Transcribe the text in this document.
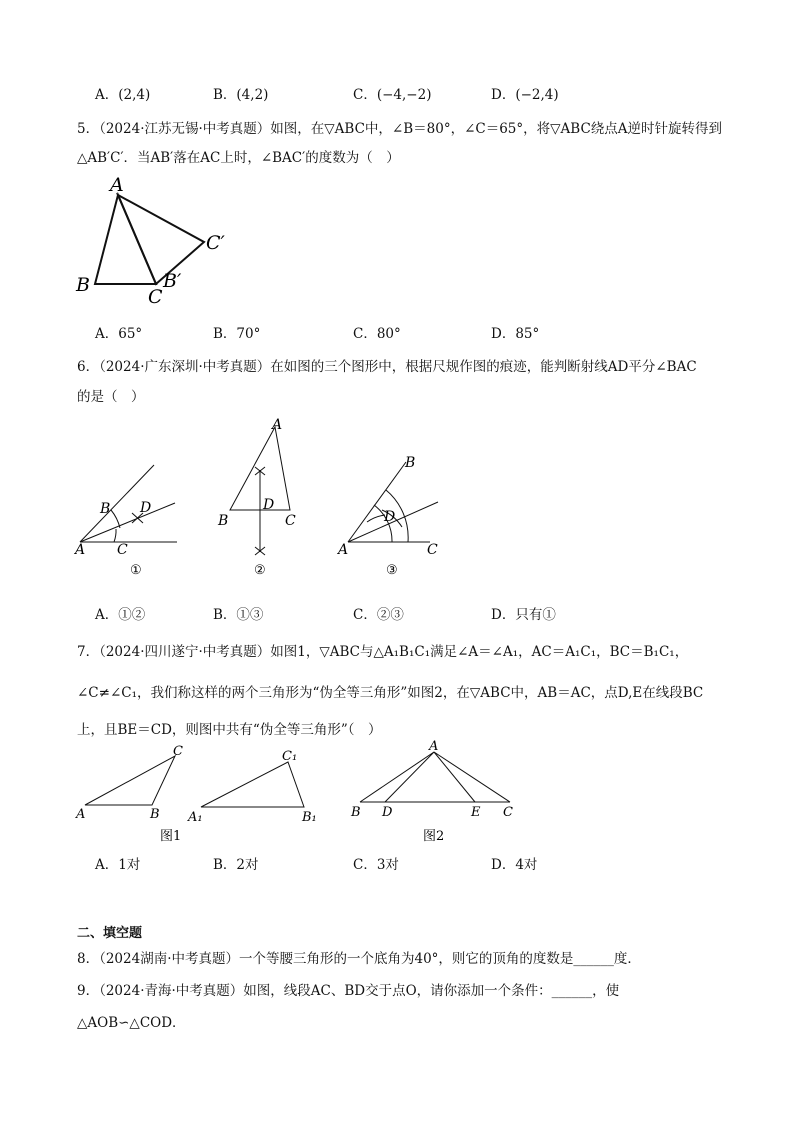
A．(2,4)	B．(4,2)	C．(−4,−2)	D．(−2,4)
5．（2024·江苏无锡·中考真题）如图，在▽ABC中，∠B＝80°，∠C＝65°，将▽ABC绕点A逆时针旋转得到
△AB′C′．当AB′落在AC上时，∠BAC′的度数为（　）
A
C′
B	B′
C
A．65°	B．70°	C．80°	D．85°
6．（2024·广东深圳·中考真题）在如图的三个图形中，根据尺规作图的痕迹，能判断射线AD平分∠BAC
的是（　）
B D
A C
①
A
D
B	C
②
B
D
A	C
③
A．①②	B．①③	C．②③	D．只有①
7．（2024·四川遂宁·中考真题）如图1，▽ABC与△A₁B₁C₁满足∠A＝∠A₁，AC＝A₁C₁，BC＝B₁C₁，
∠C≠∠C₁，我们称这样的两个三角形为“伪全等三角形”如图2，在▽ABC中，AB＝AC，点D,E在线段BC
上，且BE＝CD，则图中共有“伪全等三角形”（　）
C
A	B
C₁
A₁	B₁
图1
A
B D	E C
图2
A．1对	B．2对	C．3对	D．4对
二、填空题
8．（2024湖南·中考真题）一个等腰三角形的一个底角为40°，则它的顶角的度数是______度．
9．（2024·青海·中考真题）如图，线段AC、BD交于点O，请你添加一个条件：______，使
△AOB∽△COD．
